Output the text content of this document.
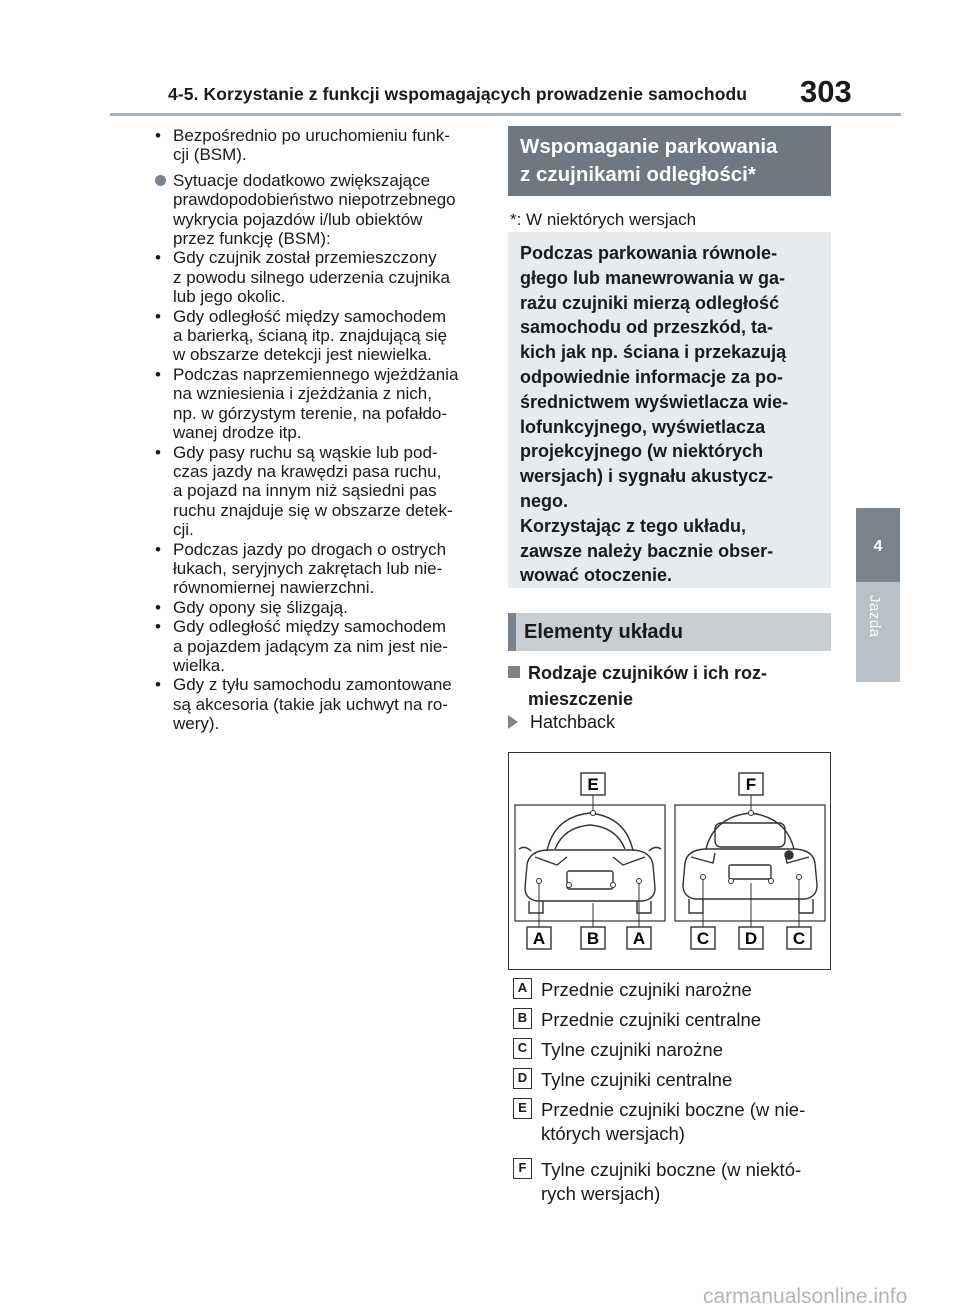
4-5. Korzystanie z funkcji wspomagających prowadzenie samochodu 303
4
Jazda
• Bezpośrednio po uruchomieniu funk-
cji (BSM).
Sytuacje dodatkowo zwiększające
prawdopodobieństwo niepotrzebnego
wykrycia pojazdów i/lub obiektów
przez funkcję (BSM):
• Gdy czujnik został przemieszczony
z powodu silnego uderzenia czujnika
lub jego okolic.
• Gdy odległość między samochodem
a barierką, ścianą itp. znajdującą się
w obszarze detekcji jest niewielka.
• Podczas naprzemiennego wjeżdżania
na wzniesienia i zjeżdżania z nich,
np. w górzystym terenie, na pofałdo-
wanej drodze itp.
• Gdy pasy ruchu są wąskie lub pod-
czas jazdy na krawędzi pasa ruchu,
a pojazd na innym niż sąsiedni pas
ruchu znajduje się w obszarze detek-
cji.
• Podczas jazdy po drogach o ostrych
łukach, seryjnych zakrętach lub nie-
równomiernej nawierzchni.
• Gdy opony się ślizgają.
• Gdy odległość między samochodem
a pojazdem jadącym za nim jest nie-
wielka.
• Gdy z tyłu samochodu zamontowane
są akcesoria (takie jak uchwyt na ro-
wery).
Wspomaganie parkowania
z czujnikami odległości*
*: W niektórych wersjach
Podczas parkowania równole-
głego lub manewrowania w ga-
rażu czujniki mierzą odległość
samochodu od przeszkód, ta-
kich jak np. ściana i przekazują
odpowiednie informacje za po-
średnictwem wyświetlacza wie-
lofunkcyjnego, wyświetlacza
projekcyjnego (w niektórych
wersjach) i sygnału akustycz-
nego.
Korzystając z tego układu,
zawsze należy bacznie obser-
wować otoczenie.
Elementy układu
Rodzaje czujników i ich roz-
mieszczenie
Hatchback
E	F
A B A	C D C
A Przednie czujniki narożne
B Przednie czujniki centralne
C Tylne czujniki narożne
D Tylne czujniki centralne
E Przednie czujniki boczne (w nie-
których wersjach)
F Tylne czujniki boczne (w niektó-
rych wersjach)
carmanualsonline.info
